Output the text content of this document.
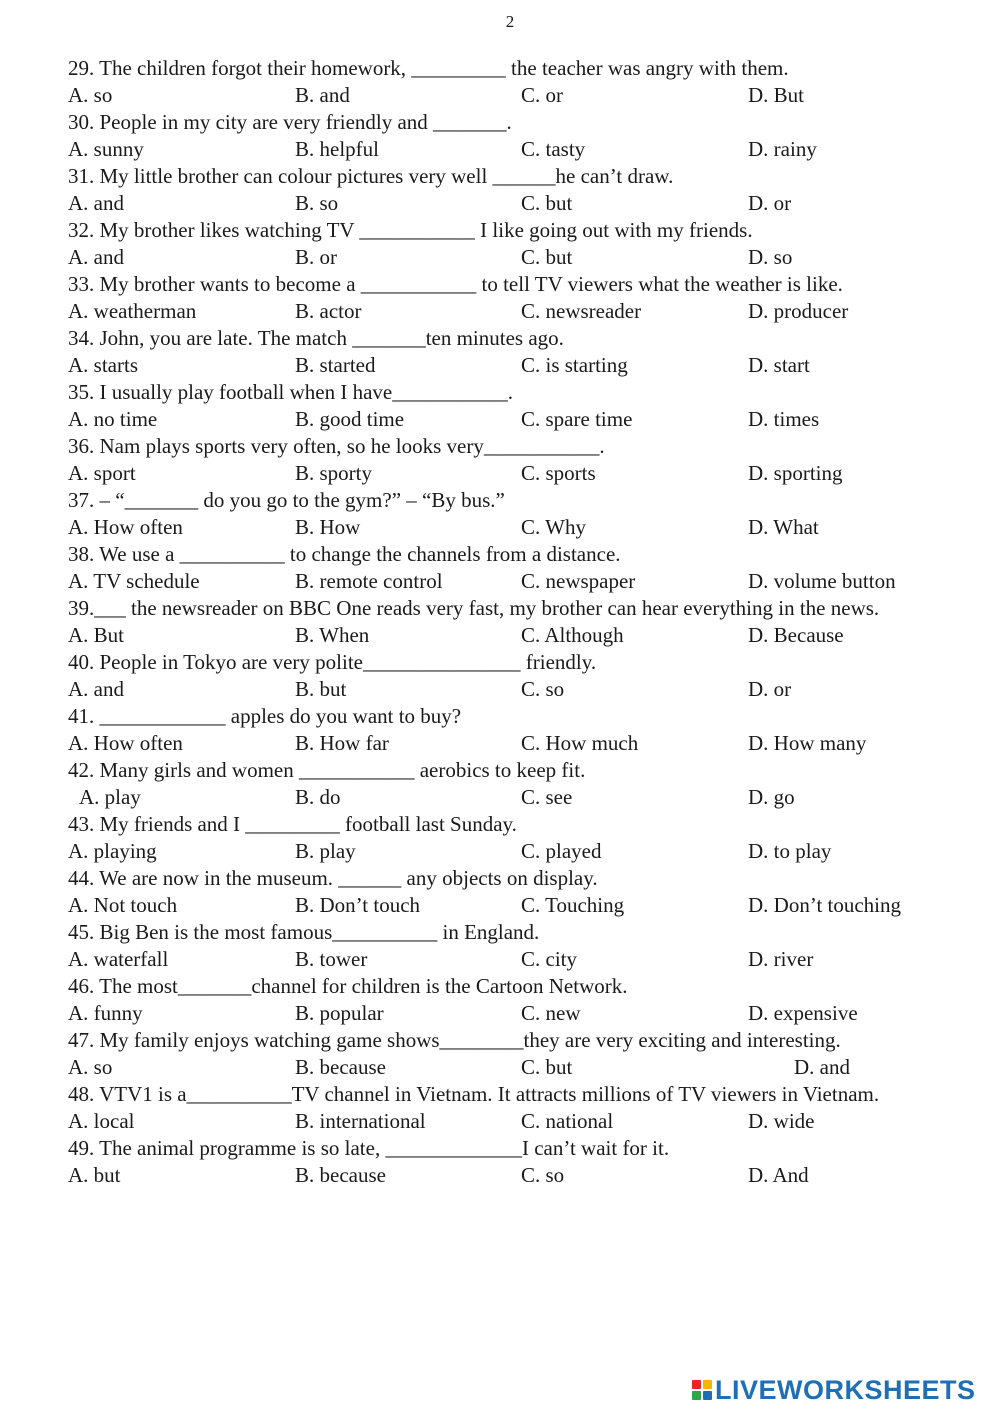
2
29. The children forgot their homework, _________ the teacher was angry with them.
A. so	B. and	C. or	D. But
30. People in my city are very friendly and _______.
A. sunny	B. helpful	C. tasty	D. rainy
31. My little brother can colour pictures very well ______he can’t draw.
A. and	B. so	C. but	D. or
32. My brother likes watching TV ___________ I like going out with my friends.
A. and	B. or	C. but	D. so
33. My brother wants to become a ___________ to tell TV viewers what the weather is like.
A. weatherman	B. actor	C. newsreader	D. producer
34. John, you are late. The match _______ten minutes ago.
A. starts	B. started	C. is starting	D. start
35. I usually play football when I have___________.
A. no time	B. good time	C. spare time	D. times
36. Nam plays sports very often, so he looks very___________.
A. sport	B. sporty	C. sports	D. sporting
37. – “_______ do you go to the gym?” – “By bus.”
A. How often	B. How	C. Why	D. What
38. We use a __________ to change the channels from a distance.
A. TV schedule	B. remote control	C. newspaper	D. volume button
39.___ the newsreader on BBC One reads very fast, my brother can hear everything in the news.
A. But	B. When	C. Although	D. Because
40. People in Tokyo are very polite_______________ friendly.
A. and	B. but	C. so	D. or
41. ____________ apples do you want to buy?
A. How often	B. How far	C. How much	D. How many
42. Many girls and women ___________ aerobics to keep fit.
A. play	B. do	C. see	D. go
43. My friends and I _________ football last Sunday.
A. playing	B. play	C. played	D. to play
44. We are now in the museum. ______ any objects on display.
A. Not touch	B. Don’t touch	C. Touching	D. Don’t touching
45. Big Ben is the most famous__________ in England.
A. waterfall	B. tower	C. city	D. river
46. The most_______channel for children is the Cartoon Network.
A. funny	B. popular	C. new	D. expensive
47. My family enjoys watching game shows________they are very exciting and interesting.
A. so	B. because	C. but	D. and
48. VTV1 is a__________TV channel in Vietnam. It attracts millions of TV viewers in Vietnam.
A. local	B. international	C. national	D. wide
49. The animal programme is so late, _____________I can’t wait for it.
A. but	B. because	C. so	D. And
LIVEWORKSHEETS
